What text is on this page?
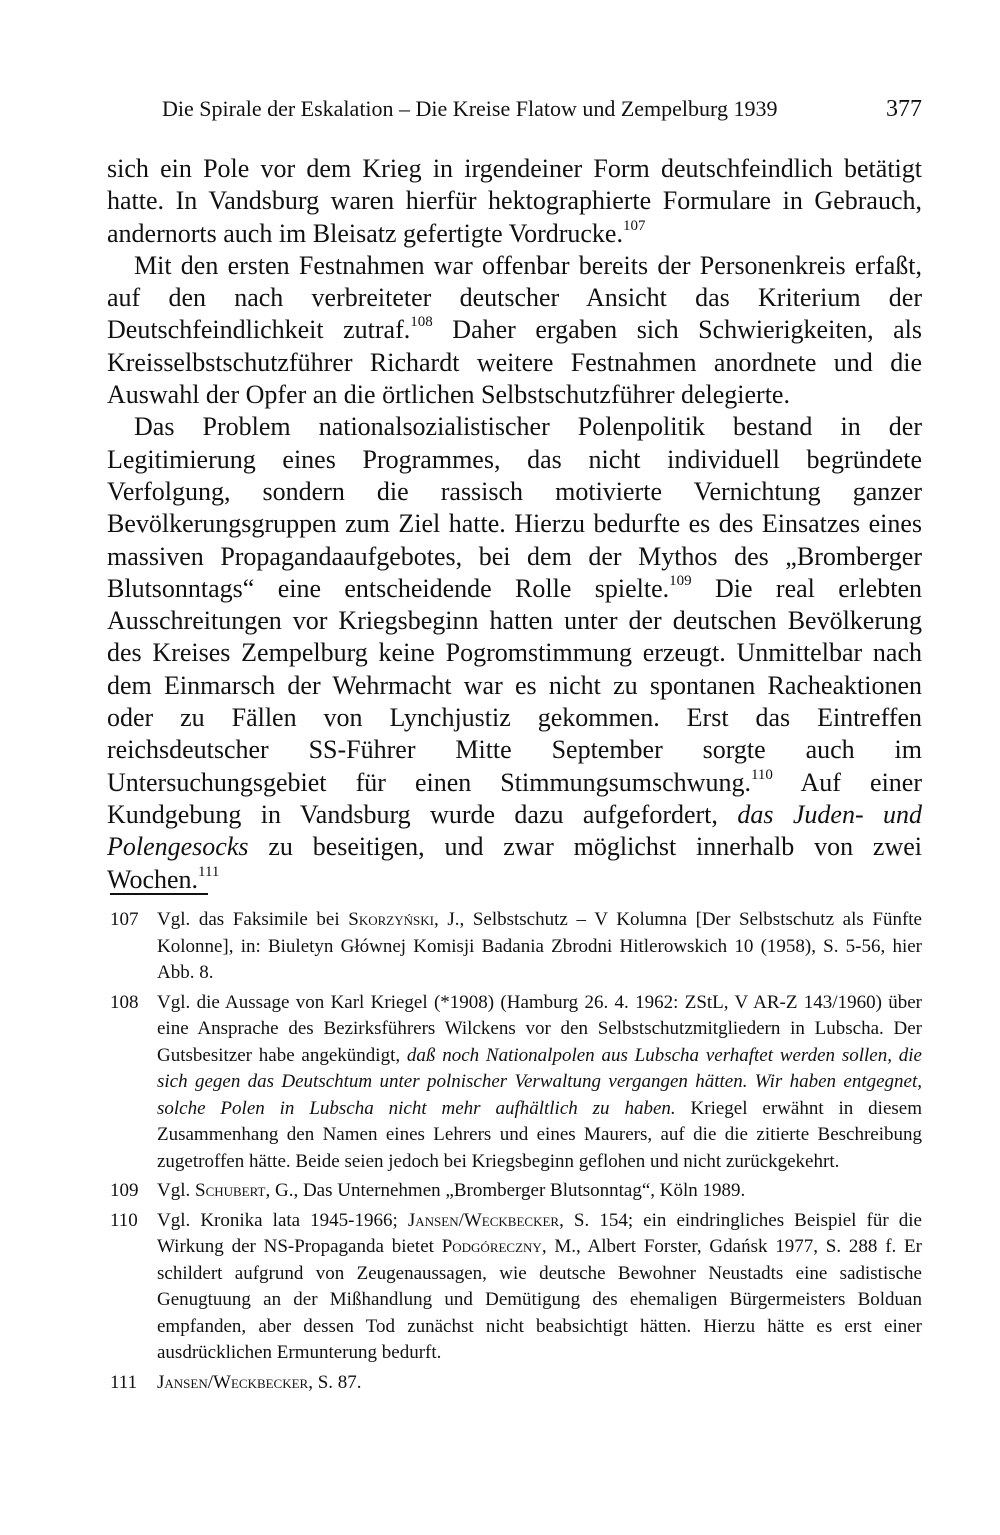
Die Spirale der Eskalation – Die Kreise Flatow und Zempelburg 1939	377

sich ein Pole vor dem Krieg in irgendeiner Form deutschfeindlich betätigt hatte. In Vandsburg waren hierfür hektographierte Formulare in Gebrauch, andernorts auch im Bleisatz gefertigte Vordrucke.$^{107}$

Mit den ersten Festnahmen war offenbar bereits der Personenkreis erfaßt, auf den nach verbreiteter deutscher Ansicht das Kriterium der Deutschfeindlichkeit zutraf.$^{108}$ Daher ergaben sich Schwierigkeiten, als Kreisselbstschutzführer Richardt weitere Festnahmen anordnete und die Auswahl der Opfer an die örtlichen Selbstschutzführer delegierte.

Das Problem nationalsozialistischer Polenpolitik bestand in der Legitimierung eines Programmes, das nicht individuell begründete Verfolgung, sondern die rassisch motivierte Vernichtung ganzer Bevölkerungsgruppen zum Ziel hatte. Hierzu bedurfte es des Einsatzes eines massiven Propagandaaufgebotes, bei dem der Mythos des „Bromberger Blutsonntags“ eine entscheidende Rolle spielte.$^{109}$ Die real erlebten Ausschreitungen vor Kriegsbeginn hatten unter der deutschen Bevölkerung des Kreises Zempelburg keine Pogromstimmung erzeugt. Unmittelbar nach dem Einmarsch der Wehrmacht war es nicht zu spontanen Racheaktionen oder zu Fällen von Lynchjustiz gekommen. Erst das Eintreffen reichsdeutscher SS-Führer Mitte September sorgte auch im Untersuchungsgebiet für einen Stimmungsumschwung.$^{110}$ Auf einer Kundgebung in Vandsburg wurde dazu aufgefordert, das Juden- und Polengesocks zu beseitigen, und zwar möglichst innerhalb von zwei Wochen.$^{111}$

107 Vgl. das Faksimile bei Skorzyński, J., Selbstschutz – V Kolumna [Der Selbstschutz als Fünfte Kolonne], in: Biuletyn Głównej Komisji Badania Zbrodni Hitlerowskich 10 (1958), S. 5-56, hier Abb. 8.
108 Vgl. die Aussage von Karl Kriegel (*1908) (Hamburg 26. 4. 1962: ZStL, V AR-Z 143/1960) über eine Ansprache des Bezirksführers Wilckens vor den Selbstschutzmitgliedern in Lubscha. Der Gutsbesitzer habe angekündigt, daß noch Nationalpolen aus Lubscha verhaftet werden sollen, die sich gegen das Deutschtum unter polnischer Verwaltung vergangen hätten. Wir haben entgegnet, solche Polen in Lubscha nicht mehr aufhältlich zu haben. Kriegel erwähnt in diesem Zusammenhang den Namen eines Lehrers und eines Maurers, auf die die zitierte Beschreibung zugetroffen hätte. Beide seien jedoch bei Kriegsbeginn geflohen und nicht zurückgekehrt.
109 Vgl. Schubert, G., Das Unternehmen „Bromberger Blutsonntag“, Köln 1989.
110	Vgl. Kronika lata 1945-1966; Jansen/Weckbecker, S. 154; ein eindringliches Beispiel für die Wirkung der NS-Propaganda bietet Podgóreczny, M., Albert Forster, Gdańsk 1977, S. 288 f. Er schildert aufgrund von Zeugenaussagen, wie deutsche Bewohner Neustadts eine sadistische Genugtuung an der Mißhandlung und Demütigung des ehemaligen Bürgermeisters Bolduan empfanden, aber dessen Tod zunächst nicht beabsichtigt hätten. Hierzu hätte es erst einer ausdrücklichen Ermunterung bedurft.
111	Jansen/Weckbecker, S. 87.
